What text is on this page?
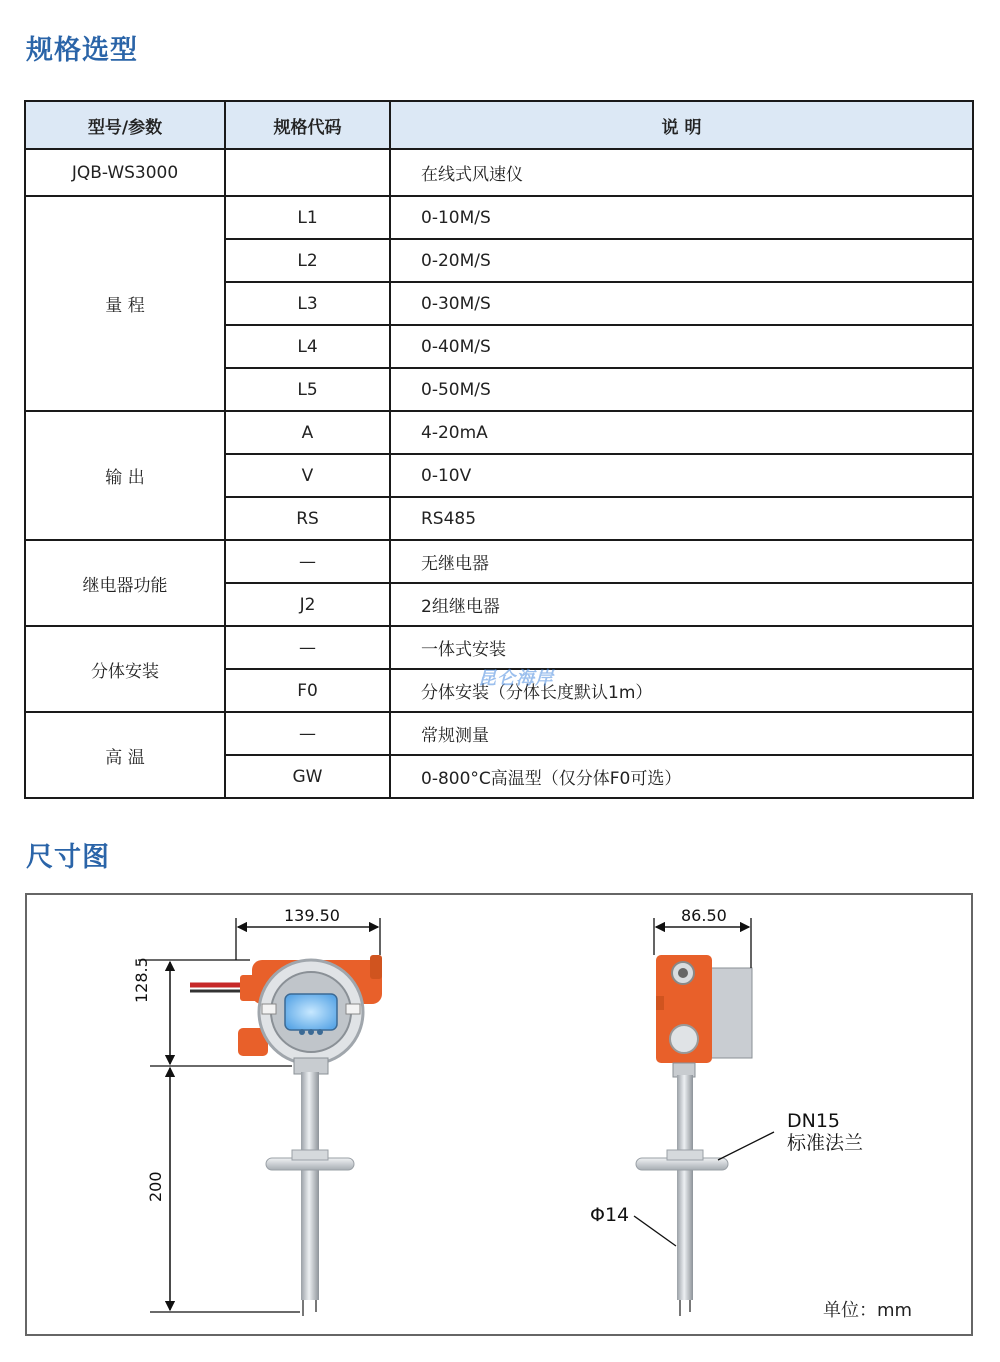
规格选型
型号/参数	规格代码	说 明
JQB-WS3000		在线式风速仪
量 程	L1	0-10M/S
	L2	0-20M/S
	L3	0-30M/S
	L4	0-40M/S
	L5	0-50M/S
输 出	A	4-20mA
	V	0-10V
	RS	RS485
继电器功能	—	无继电器
	J2	2组继电器
分体安装	—	一体式安装
	F0	分体安装（分体长度默认1m）
高 温	—	常规测量
	GW	0-800°C高温型（仅分体F0可选）
昆仑海岸
尺寸图
139.50	86.50
128.5
200
DN15
标准法兰
Φ14
单位：mm
